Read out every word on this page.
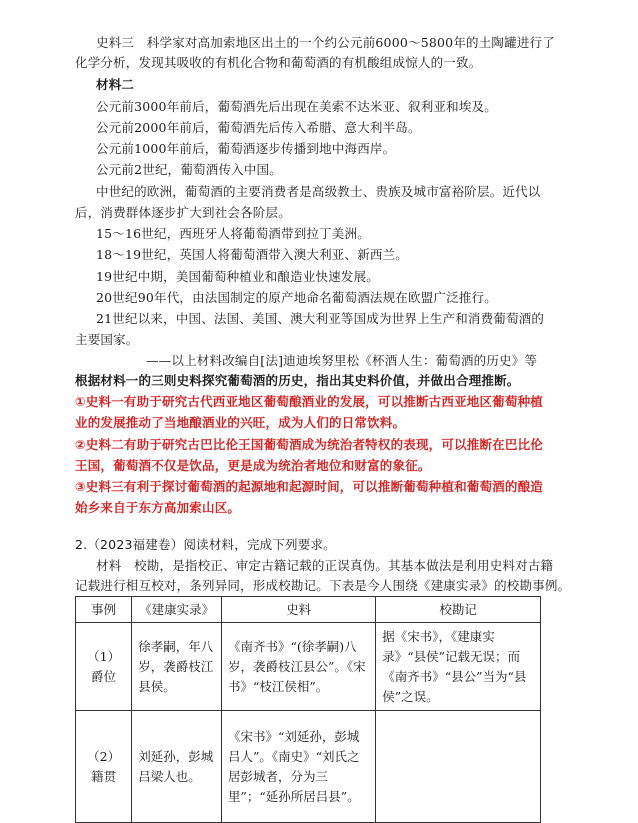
史料三　科学家对高加索地区出土的一个约公元前6000～5800年的土陶罐进行了
化学分析，发现其吸收的有机化合物和葡萄酒的有机酸组成惊人的一致。
材料二
公元前3000年前后，葡萄酒先后出现在美索不达米亚、叙利亚和埃及。
公元前2000年前后，葡萄酒先后传入希腊、意大利半岛。
公元前1000年前后，葡萄酒逐步传播到地中海西岸。
公元前2世纪，葡萄酒传入中国。
中世纪的欧洲，葡萄酒的主要消费者是高级教士、贵族及城市富裕阶层。近代以
后，消费群体逐步扩大到社会各阶层。
15～16世纪，西班牙人将葡萄酒带到拉丁美洲。
18～19世纪，英国人将葡萄酒带入澳大利亚、新西兰。
19世纪中期，美国葡萄种植业和酿造业快速发展。
20世纪90年代，由法国制定的原产地命名葡萄酒法规在欧盟广泛推行。
21世纪以来，中国、法国、美国、澳大利亚等国成为世界上生产和消费葡萄酒的
主要国家。
——以上材料改编自[法]迪迪埃努里松《杯酒人生：葡萄酒的历史》等
根据材料一的三则史料探究葡萄酒的历史，指出其史料价值，并做出合理推断。
①史料一有助于研究古代西亚地区葡萄酿酒业的发展，可以推断古西亚地区葡萄种植
业的发展推动了当地酿酒业的兴旺，成为人们的日常饮料。
②史料二有助于研究古巴比伦王国葡萄酒成为统治者特权的表现，可以推断在巴比伦
王国，葡萄酒不仅是饮品，更是成为统治者地位和财富的象征。
③史料三有利于探讨葡萄酒的起源地和起源时间，可以推断葡萄种植和葡萄酒的酿造
始乡来自于东方高加索山区。
2.（2023福建卷）阅读材料，完成下列要求。
材料　校勘，是指校正、审定古籍记载的正误真伪。其基本做法是利用史料对古籍
记载进行相互校对，条列异同，形成校勘记。下表是今人围绕《建康实录》的校勘事例。
事例	《建康实录》	史料	校勘记
（1）爵位	徐孝嗣，年八岁，袭爵枝江县侯。	《南齐书》“(徐孝嗣)八岁，袭爵枝江县公”。《宋书》“枝江侯相”。	据《宋书》，《建康实录》“县侯”记载无误；而《南齐书》“县公”当为“县侯”之误。
（2）籍贯	刘延孙，彭城吕梁人也。	《宋书》“刘延孙，彭城吕人”。《南史》“刘氏之居彭城者，分为三里”；“延孙所居吕县”。	
